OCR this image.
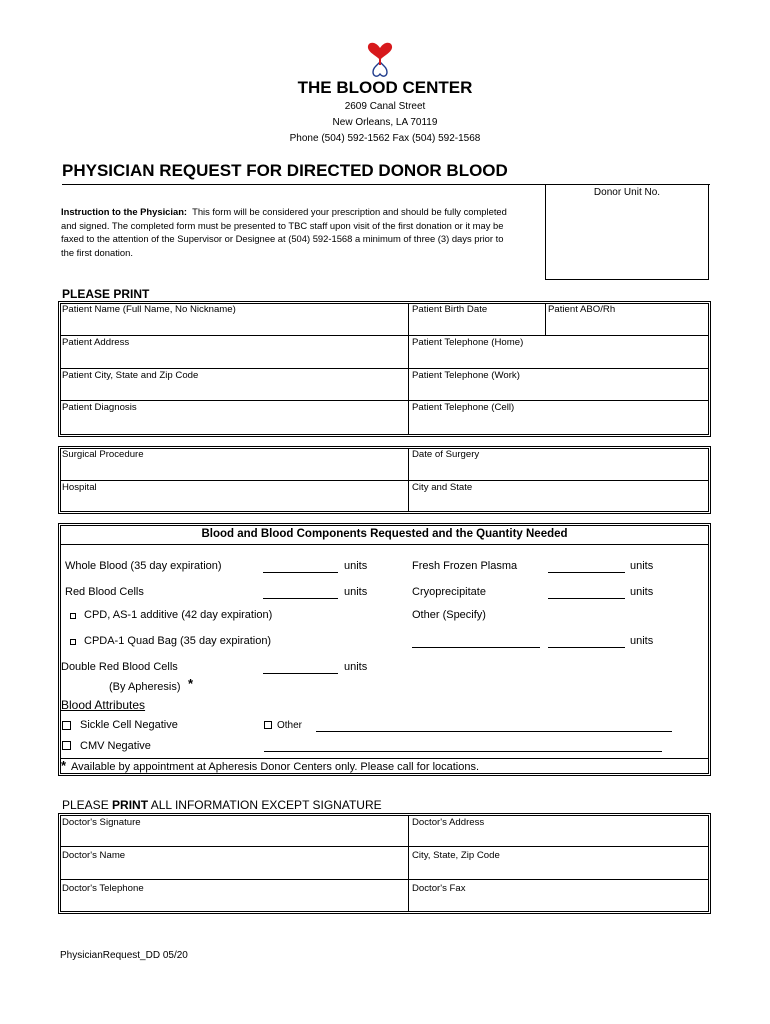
THE BLOOD CENTER
2609 Canal Street
New Orleans, LA 70119
Phone (504) 592-1562 Fax (504) 592-1568
PHYSICIAN REQUEST FOR DIRECTED DONOR BLOOD
Donor Unit No.
Instruction to the Physician: This form will be considered your prescription and should be fully completed
and signed. The completed form must be presented to TBC staff upon visit of the first donation or it may be
faxed to the attention of the Supervisor or Designee at (504) 592-1568 a minimum of three (3) days prior to
the first donation.
PLEASE PRINT
Patient Name (Full Name, No Nickname)	Patient Birth Date	Patient ABO/Rh
Patient Address	Patient Telephone (Home)
Patient City, State and Zip Code	Patient Telephone (Work)
Patient Diagnosis	Patient Telephone (Cell)
Surgical Procedure	Date of Surgery
Hospital	City and State
Blood and Blood Components Requested and the Quantity Needed
Whole Blood (35 day expiration)	units	Fresh Frozen Plasma	units
Red Blood Cells	units	Cryoprecipitate	units
CPD, AS-1 additive (42 day expiration)	Other (Specify)
CPDA-1 Quad Bag (35 day expiration)	units
Double Red Blood Cells	units
(By Apheresis) *
Blood Attributes
Sickle Cell Negative	Other
CMV Negative
* Available by appointment at Apheresis Donor Centers only. Please call for locations.
PLEASE PRINT ALL INFORMATION EXCEPT SIGNATURE
Doctor's Signature	Doctor's Address
Doctor's Name	City, State, Zip Code
Doctor's Telephone	Doctor's Fax
PhysicianRequest_DD 05/20
